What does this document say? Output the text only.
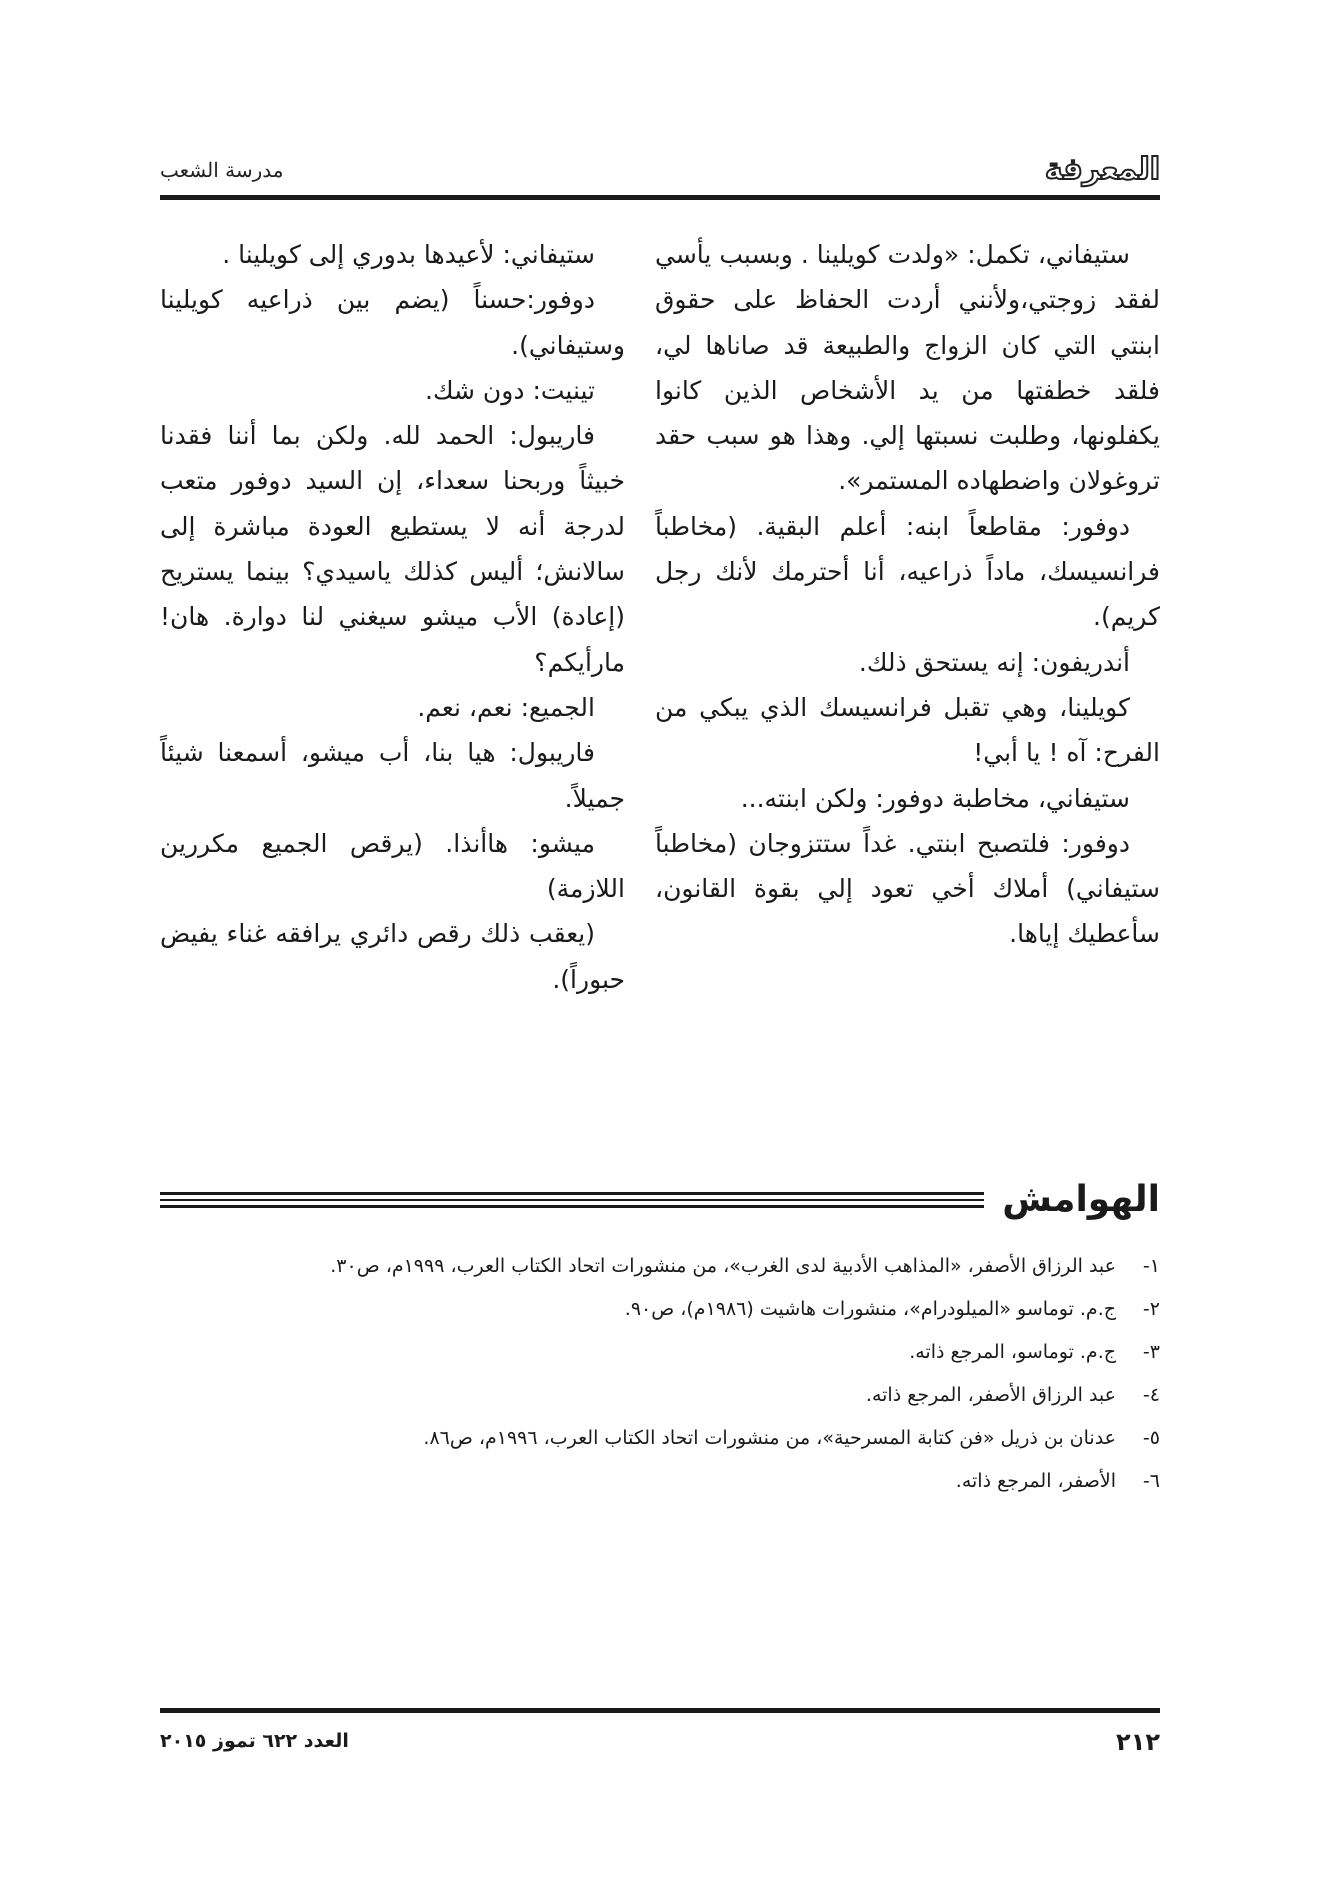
المعرفة
مدرسة الشعب

ستيفاني، تكمل: «ولدت كويلينا . وبسبب يأسي لفقد زوجتي،ولأنني أردت الحفاظ على حقوق ابنتي التي كان الزواج والطبيعة قد صاناها لي، فلقد خطفتها من يد الأشخاص الذين كانوا يكفلونها، وطلبت نسبتها إلي. وهذا هو سبب حقد تروغولان واضطهاده المستمر».

دوفور: مقاطعاً ابنه: أعلم البقية. (مخاطباً فرانسيسك، ماداً ذراعيه، أنا أحترمك لأنك رجل كريم).

أندريفون: إنه يستحق ذلك.

كويلينا، وهي تقبل فرانسيسك الذي يبكي من الفرح: آه ! يا أبي!

ستيفاني، مخاطبة دوفور: ولكن ابنته...

دوفور: فلتصبح ابنتي. غداً ستتزوجان (مخاطباً ستيفاني) أملاك أخي تعود إلي بقوة القانون، سأعطيك إياها.

ستيفاني: لأعيدها بدوري إلى كويلينا .

دوفور:حسناً (يضم بين ذراعيه كويلينا وستيفاني).

تينيت: دون شك.

فاريبول: الحمد لله. ولكن بما أننا فقدنا خبيثاً وربحنا سعداء، إن السيد دوفور متعب لدرجة أنه لا يستطيع العودة مباشرة إلى سالانش؛ أليس كذلك ياسيدي؟ بينما يستريح (إعادة) الأب ميشو سيغني لنا دوارة. هان! مارأيكم؟

الجميع: نعم، نعم.

فاريبول: هيا بنا، أب ميشو، أسمعنا شيئاً جميلاً.

ميشو: هاأنذا. (يرقص الجميع مكررين اللازمة)

(يعقب ذلك رقص دائري يرافقه غناء يفيض حبوراً).

الهوامش
١-
عبد الرزاق الأصفر، «المذاهب الأدبية لدى الغرب»، من منشورات اتحاد الكتاب العرب، ١٩٩٩م، ص٣٠.
٢-
ج.م. توماسو «الميلودرام»، منشورات هاشيت (١٩٨٦م)، ص٩٠.
٣-
ج.م. توماسو، المرجع ذاته.
٤-
عبد الرزاق الأصفر، المرجع ذاته.
٥-
عدنان بن ذريل «فن كتابة المسرحية»، من منشورات اتحاد الكتاب العرب، ١٩٩٦م، ص٨٦.
٦-
الأصفر، المرجع ذاته.
٢١٢
العدد ٦٢٢ تموز ٢٠١٥
